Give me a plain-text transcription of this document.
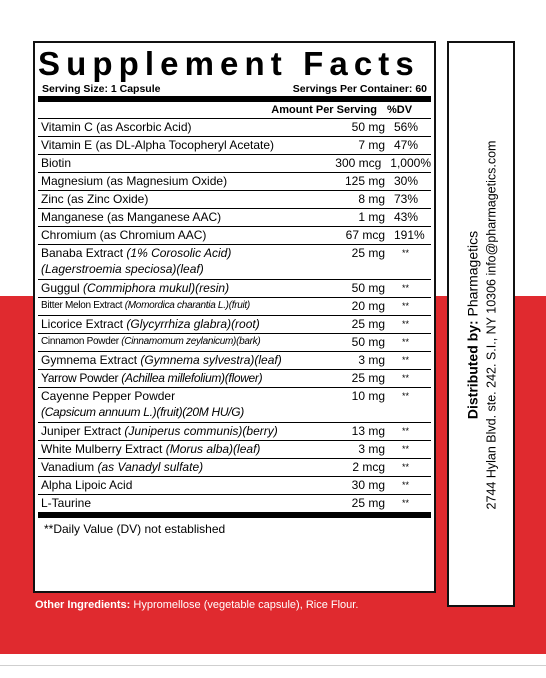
Supplement Facts
Serving Size: 1 Capsule	Servings Per Container: 60
Amount Per Serving %DV
Vitamin C (as Ascorbic Acid)	50 mg 56%
Vitamin E (as DL-Alpha Tocopheryl Acetate)	7 mg 47%
Biotin	300 mcg 1,000%
Magnesium (as Magnesium Oxide)	125 mg 30%
Zinc (as Zinc Oxide)	8 mg 73%
Manganese (as Manganese AAC)	1 mg 43%
Chromium (as Chromium AAC)	67 mcg 191%
Banaba Extract (1% Corosolic Acid)
(Lagerstroemia speciosa)(leaf)
25 mg	**
Guggul (Commiphora mukul)(resin)	50 mg	**
Bitter Melon Extract (Momordica charantia L.)(fruit)	20 mg	**
Licorice Extract (Glycyrrhiza glabra)(root)	25 mg	**
Cinnamon Powder (Cinnamomum zeylanicum)(bark)	50 mg	**
Gymnema Extract (Gymnema sylvestra)(leaf)	3 mg	**
Yarrow Powder (Achillea millefolium)(flower)	25 mg	**
Cayenne Pepper Powder
(Capsicum annuum L.)(fruit)(20M HU/G)
10 mg	**
Juniper Extract (Juniperus communis)(berry)	13 mg	**
White Mulberry Extract (Morus alba)(leaf)	3 mg	**
Vanadium (as Vanadyl sulfate)	2 mcg	**
Alpha Lipoic Acid	30 mg	**
L-Taurine	25 mg	**
**Daily Value (DV) not established
Other Ingredients: Hypromellose (vegetable capsule), Rice Flour.
Distributed by: Pharmagetics 2744 Hylan Blvd. ste. 242. S.I., NY 10306 info@pharmagetics.com
